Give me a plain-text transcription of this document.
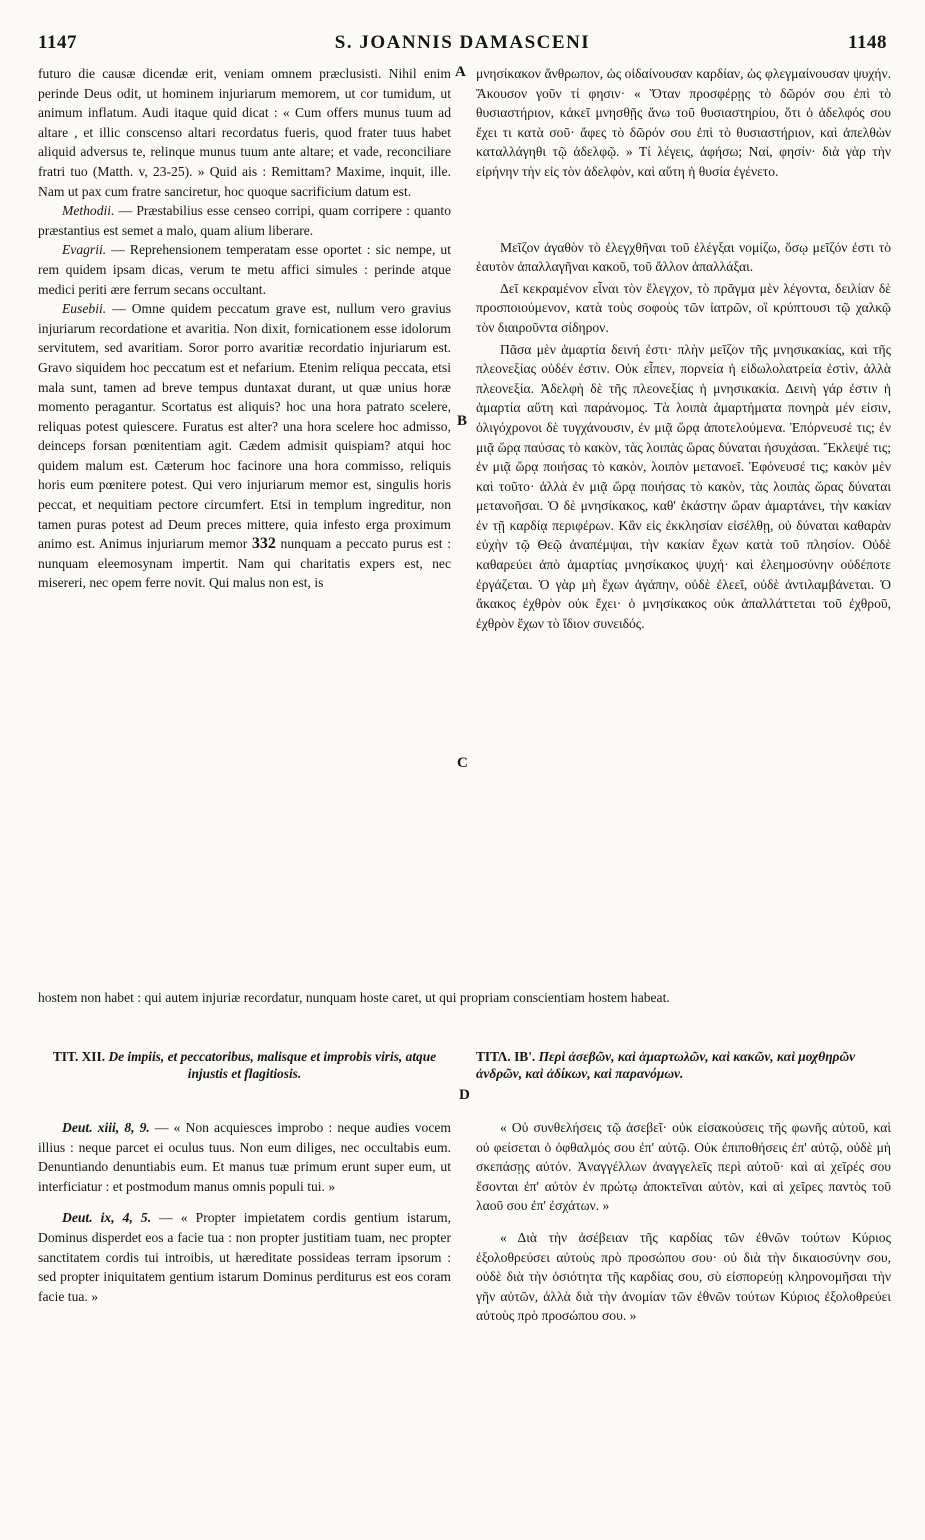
1147	S. JOANNIS DAMASCENI	1148
A
B
C
D

futuro die causæ dicendæ erit, veniam omnem præclusisti. Nihil enim perinde Deus odit, ut hominem injuriarum memorem, ut cor tumidum, ut animum inflatum. Audi itaque quid dicat : « Cum offers munus tuum ad altare , et illic conscenso altari recordatus fueris, quod frater tuus habet aliquid adversus te, relinque munus tuum ante altare; et vade, reconciliare fratri tuo (Matth. v, 23-25). » Quid ais : Remittam? Maxime, inquit, ille. Nam ut pax cum fratre sanciretur, hoc quoque sacrificium datum est.

Methodii. — Præstabilius esse censeo corripi, quam corripere : quanto præstantius est semet a malo, quam alium liberare.

Evagrii. — Reprehensionem temperatam esse oportet : sic nempe, ut rem quidem ipsam dicas, verum te metu affici simules : perinde atque medici periti ære ferrum secans occultant.

Eusebii. — Omne quidem peccatum grave est, nullum vero gravius injuriarum recordatione et avaritia. Non dixit, fornicationem esse idolorum servitutem, sed avaritiam. Soror porro avaritiæ recordatio injuriarum est. Gravo siquidem hoc peccatum est et nefarium. Etenim reliqua peccata, etsi mala sunt, tamen ad breve tempus duntaxat durant, ut quæ unius horæ momento peragantur. Scortatus est aliquis? hoc una hora patrato scelere, reliquas potest quiescere. Furatus est alter? una hora scelere hoc admisso, deinceps forsan pœnitentiam agit. Cædem admisit quispiam? atqui hoc quidem malum est. Cæterum hoc facinore una hora commisso, reliquis horis eum pœnitere potest. Qui vero injuriarum memor est, singulis horis peccat, et nequitiam pectore circumfert. Etsi in templum ingreditur, non tamen puras potest ad Deum preces mittere, quia infesto erga proximum animo est. Animus injuriarum memor 332 nunquam a peccato purus est : nunquam eleemosynam impertit. Nam qui charitatis expers est, nec misereri, nec opem ferre novit. Qui malus non est, is

μνησίκακον ἄνθρωπον, ὡς οἰδαίνουσαν καρδίαν, ὡς φλεγμαίνουσαν ψυχήν. Ἄκουσον γοῦν τί φησιν· « Ὅταν προσφέρῃς τὸ δῶρόν σου ἐπὶ τὸ θυσιαστήριον, κἀκεῖ μνησθῇς ἄνω τοῦ θυσιαστηρίου, ὅτι ὁ ἀδελφός σου ἔχει τι κατὰ σοῦ· ἄφες τὸ δῶρόν σου ἐπὶ τὸ θυσιαστήριον, καὶ ἀπελθὼν καταλλάγηθι τῷ ἀδελφῷ. » Τί λέγεις, ἀφήσω; Ναί, φησίν· διὰ γὰρ τὴν εἰρήνην τὴν εἰς τὸν ἀδελφὸν, καὶ αὕτη ἡ θυσία ἐγένετο.

Μεῖζον ἀγαθὸν τὸ ἐλεγχθῆναι τοῦ ἐλέγξαι νομίζω, ὅσῳ μεῖζόν ἐστι τὸ ἑαυτὸν ἀπαλλαγῆναι κακοῦ, τοῦ ἄλλον ἀπαλλάξαι.

Δεῖ κεκραμένον εἶναι τὸν ἔλεγχον, τὸ πρᾶγμα μὲν λέγοντα, δειλίαν δὲ προσποιούμενον, κατὰ τοὺς σοφοὺς τῶν ἰατρῶν, οἳ κρύπτουσι τῷ χαλκῷ τὸν διαιροῦντα σίδηρον.

Πᾶσα μὲν ἁμαρτία δεινή ἐστι· πλὴν μεῖζον τῆς μνησικακίας, καὶ τῆς πλεονεξίας οὐδέν ἐστιν. Οὐκ εἶπεν, πορνεία ἡ εἰδωλολατρεία ἐστὶν, ἀλλὰ πλεονεξία. Ἀδελφὴ δὲ τῆς πλεονεξίας ἡ μνησικακία. Δεινὴ γάρ ἐστιν ἡ ἁμαρτία αὕτη καὶ παράνομος. Τὰ λοιπὰ ἁμαρτήματα πονηρὰ μέν εἰσιν, ὀλιγόχρονοι δὲ τυγχάνουσιν, ἐν μιᾷ ὥρᾳ ἀποτελούμενα. Ἐπόρνευσέ τις; ἐν μιᾷ ὥρᾳ παύσας τὸ κακὸν, τὰς λοιπὰς ὥρας δύναται ἡσυχάσαι. Ἔκλεψέ τις; ἐν μιᾷ ὥρᾳ ποιήσας τὸ κακὸν, λοιπὸν μετανοεῖ. Ἐφόνευσέ τις; κακὸν μὲν καὶ τοῦτο· ἀλλὰ ἐν μιᾷ ὥρᾳ ποιήσας τὸ κακὸν, τὰς λοιπὰς ὥρας δύναται μετανοῆσαι. Ὁ δὲ μνησίκακος, καθ' ἑκάστην ὥραν ἁμαρτάνει, τὴν κακίαν ἐν τῇ καρδίᾳ περιφέρων. Κἂν εἰς ἐκκλησίαν εἰσέλθῃ, οὐ δύναται καθαρὰν εὐχὴν τῷ Θεῷ ἀναπέμψαι, τὴν κακίαν ἔχων κατὰ τοῦ πλησίον. Οὐδὲ καθαρεύει ἀπὸ ἁμαρτίας μνησίκακος ψυχή· καὶ ἐλεημοσύνην οὐδέποτε ἐργάζεται. Ὁ γὰρ μὴ ἔχων ἀγάπην, οὐδὲ ἐλεεῖ, οὐδὲ ἀντιλαμβάνεται. Ὁ ἄκακος ἐχθρὸν οὐκ ἔχει· ὁ μνησίκακος οὐκ ἀπαλλάττεται τοῦ ἐχθροῦ, ἐχθρὸν ἔχων τὸ ἴδιον συνειδός.

hostem non habet : qui autem injuriæ recordatur, nunquam hoste caret, ut qui propriam conscientiam hostem habeat.
TIT. XII. De impiis, et peccatoribus, malisque et improbis viris, atque injustis et flagitiosis.
ΤΙΤΛ. ΙΒ'. Περὶ ἀσεβῶν, καὶ ἁμαρτωλῶν, καὶ κακῶν, καὶ μοχθηρῶν ἀνδρῶν, καὶ ἀδίκων, καὶ παρανόμων.

Deut. xiii, 8, 9. — « Non acquiesces improbo : neque audies vocem illius : neque parcet ei oculus tuus. Non eum diliges, nec occultabis eum. Denuntiando denuntiabis eum. Et manus tuæ primum erunt super eum, ut interficiatur : et postmodum manus omnis populi tui. »

Deut. ix, 4, 5. — « Propter impietatem cordis gentium istarum, Dominus disperdet eos a facie tua : non propter justitiam tuam, nec propter sanctitatem cordis tui introibis, ut hæreditate possideas terram ipsorum : sed propter iniquitatem gentium istarum Dominus perditurus est eos coram facie tua. »

« Οὐ συνθελήσεις τῷ ἀσεβεῖ· οὐκ εἰσακούσεις τῆς φωνῆς αὐτοῦ, καὶ οὐ φείσεται ὁ ὀφθαλμός σου ἐπ' αὐτῷ. Οὐκ ἐπιποθήσεις ἐπ' αὐτῷ, οὐδὲ μὴ σκεπάσῃς αὐτόν. Ἀναγγέλλων ἀναγγελεῖς περὶ αὐτοῦ· καὶ αἱ χεῖρές σου ἔσονται ἐπ' αὐτὸν ἐν πρώτῳ ἀποκτεῖναι αὐτὸν, καὶ αἱ χεῖρες παντὸς τοῦ λαοῦ σου ἐπ' ἐσχάτων. »

« Διὰ τὴν ἀσέβειαν τῆς καρδίας τῶν ἐθνῶν τούτων Κύριος ἐξολοθρεύσει αὐτοὺς πρὸ προσώπου σου· οὐ διὰ τὴν δικαιοσύνην σου, οὐδὲ διὰ τὴν ὁσιότητα τῆς καρδίας σου, σὺ εἰσπορεύῃ κληρονομῆσαι τὴν γῆν αὐτῶν, ἀλλὰ διὰ τὴν ἀνομίαν τῶν ἐθνῶν τούτων Κύριος ἐξολοθρεύει αὐτοὺς πρὸ προσώπου σου. »
